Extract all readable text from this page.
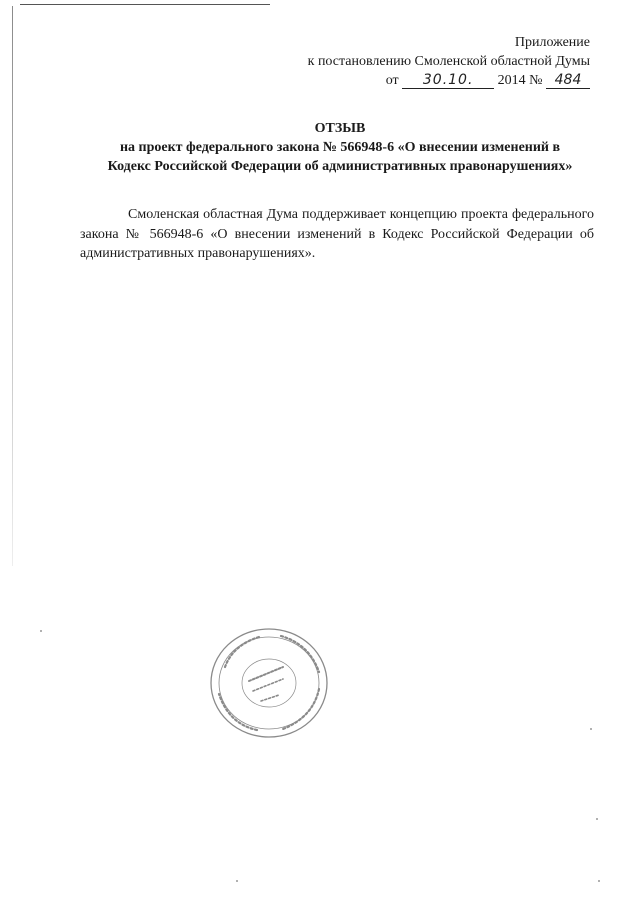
Приложение
к постановлению Смоленской областной Думы
от 30.10. 2014 № 484
ОТЗЫВ
на проект федерального закона № 566948-6 «О внесении изменений в
Кодекс Российской Федерации об административных правонарушениях»

Смоленская областная Дума поддерживает концепцию проекта федерального закона № 566948-6 «О внесении изменений в Кодекс Российской Федерации об административных правонарушениях».
